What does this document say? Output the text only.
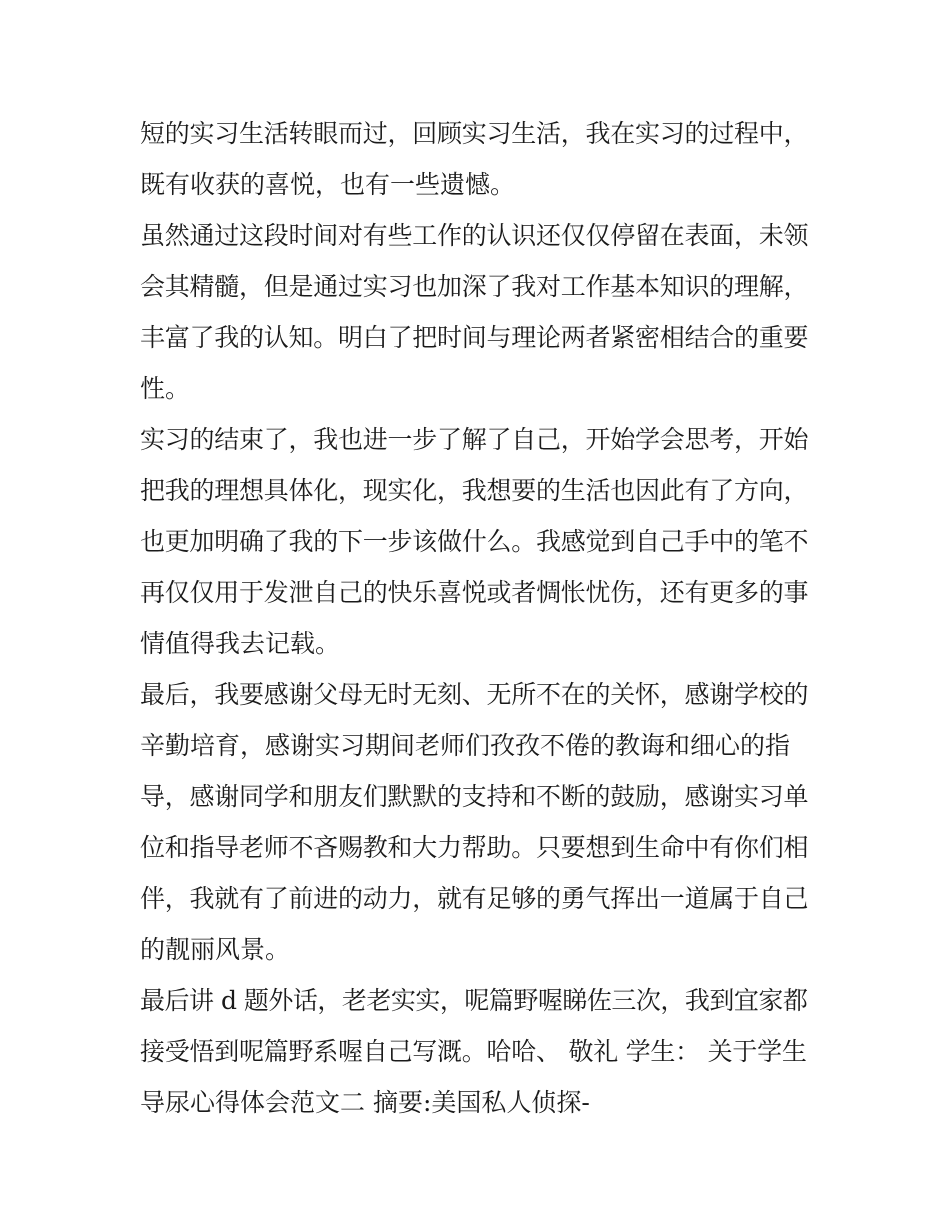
短的实习生活转眼而过，回顾实习生活，我在实习的过程中，
既有收获的喜悦，也有一些遗憾。
虽然通过这段时间对有些工作的认识还仅仅停留在表面，未领
会其精髓，但是通过实习也加深了我对工作基本知识的理解，
丰富了我的认知。明白了把时间与理论两者紧密相结合的重要
性。
实习的结束了，我也进一步了解了自己，开始学会思考，开始
把我的理想具体化，现实化，我想要的生活也因此有了方向，
也更加明确了我的下一步该做什么。我感觉到自己手中的笔不
再仅仅用于发泄自己的快乐喜悦或者惆怅忧伤，还有更多的事
情值得我去记载。
最后，我要感谢父母无时无刻、无所不在的关怀，感谢学校的
辛勤培育，感谢实习期间老师们孜孜不倦的教诲和细心的指
导，感谢同学和朋友们默默的支持和不断的鼓励，感谢实习单
位和指导老师不吝赐教和大力帮助。只要想到生命中有你们相
伴，我就有了前进的动力，就有足够的勇气挥出一道属于自己
的靓丽风景。
最后讲 d 题外话，老老实实，呢篇野喔睇佐三次，我到宜家都
接受悟到呢篇野系喔自己写溉。哈哈、 敬礼 学生： 关于学生
导尿心得体会范文二 摘要:美国私人侦探-
